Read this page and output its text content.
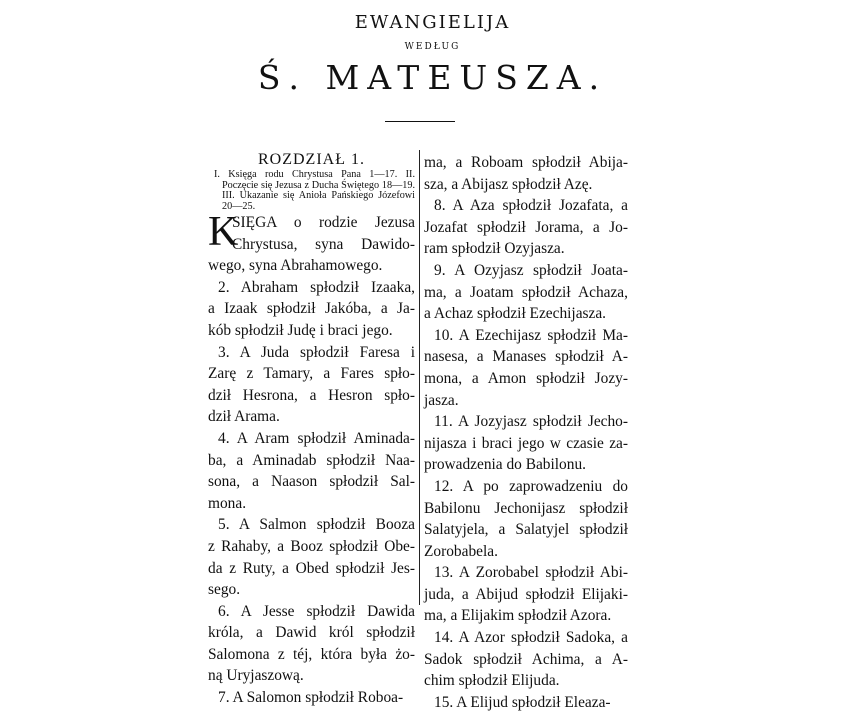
EWANGIELIJA
WEDŁUG
Ś. MATEUSZA.
ROZDZIAŁ 1.
I. Księga rodu Chrystusa Pana 1—17. II. Poczęcie się Jezusa z Ducha Świętego 18—19. III. Ukazanie się Anioła Pańskiego Józefowi 20—25.
K
SIĘGA o rodzie Jezusa
Chrystusa, syna Dawido-
wego, syna Abrahamowego.
2. Abraham spłodził Izaaka,
a Izaak spłodził Jakóba, a Ja-
kób spłodził Judę i braci jego.
3. A Juda spłodził Faresa i
Zarę z Tamary, a Fares spło-
dził Hesrona, a Hesron spło-
dził Arama.
4. A Aram spłodził Aminada-
ba, a Aminadab spłodził Naa-
sona, a Naason spłodził Sal-
mona.
5. A Salmon spłodził Booza
z Rahaby, a Booz spłodził Obe-
da z Ruty, a Obed spłodził Jes-
sego.
6. A Jesse spłodził Dawida
króla, a Dawid król spłodził
Salomona z téj, która była żo-
ną Uryjaszową.
7. A Salomon spłodził Roboa-
ma, a Roboam spłodził Abija-
sza, a Abijasz spłodził Azę.
8. A Aza spłodził Jozafata, a
Jozafat spłodził Jorama, a Jo-
ram spłodził Ozyjasza.
9. A Ozyjasz spłodził Joata-
ma, a Joatam spłodził Achaza,
a Achaz spłodził Ezechijasza.
10. A Ezechijasz spłodził Ma-
nasesa, a Manases spłodził A-
mona, a Amon spłodził Jozy-
jasza.
11. A Jozyjasz spłodził Jecho-
nijasza i braci jego w czasie za-
prowadzenia do Babilonu.
12. A po zaprowadzeniu do
Babilonu Jechonijasz spłodził
Salatyjela, a Salatyjel spłodził
Zorobabela.
13. A Zorobabel spłodził Abi-
juda, a Abijud spłodził Elijaki-
ma, a Elijakim spłodził Azora.
14. A Azor spłodził Sadoka, a
Sadok spłodził Achima, a A-
chim spłodził Elijuda.
15. A Elijud spłodził Eleaza-
